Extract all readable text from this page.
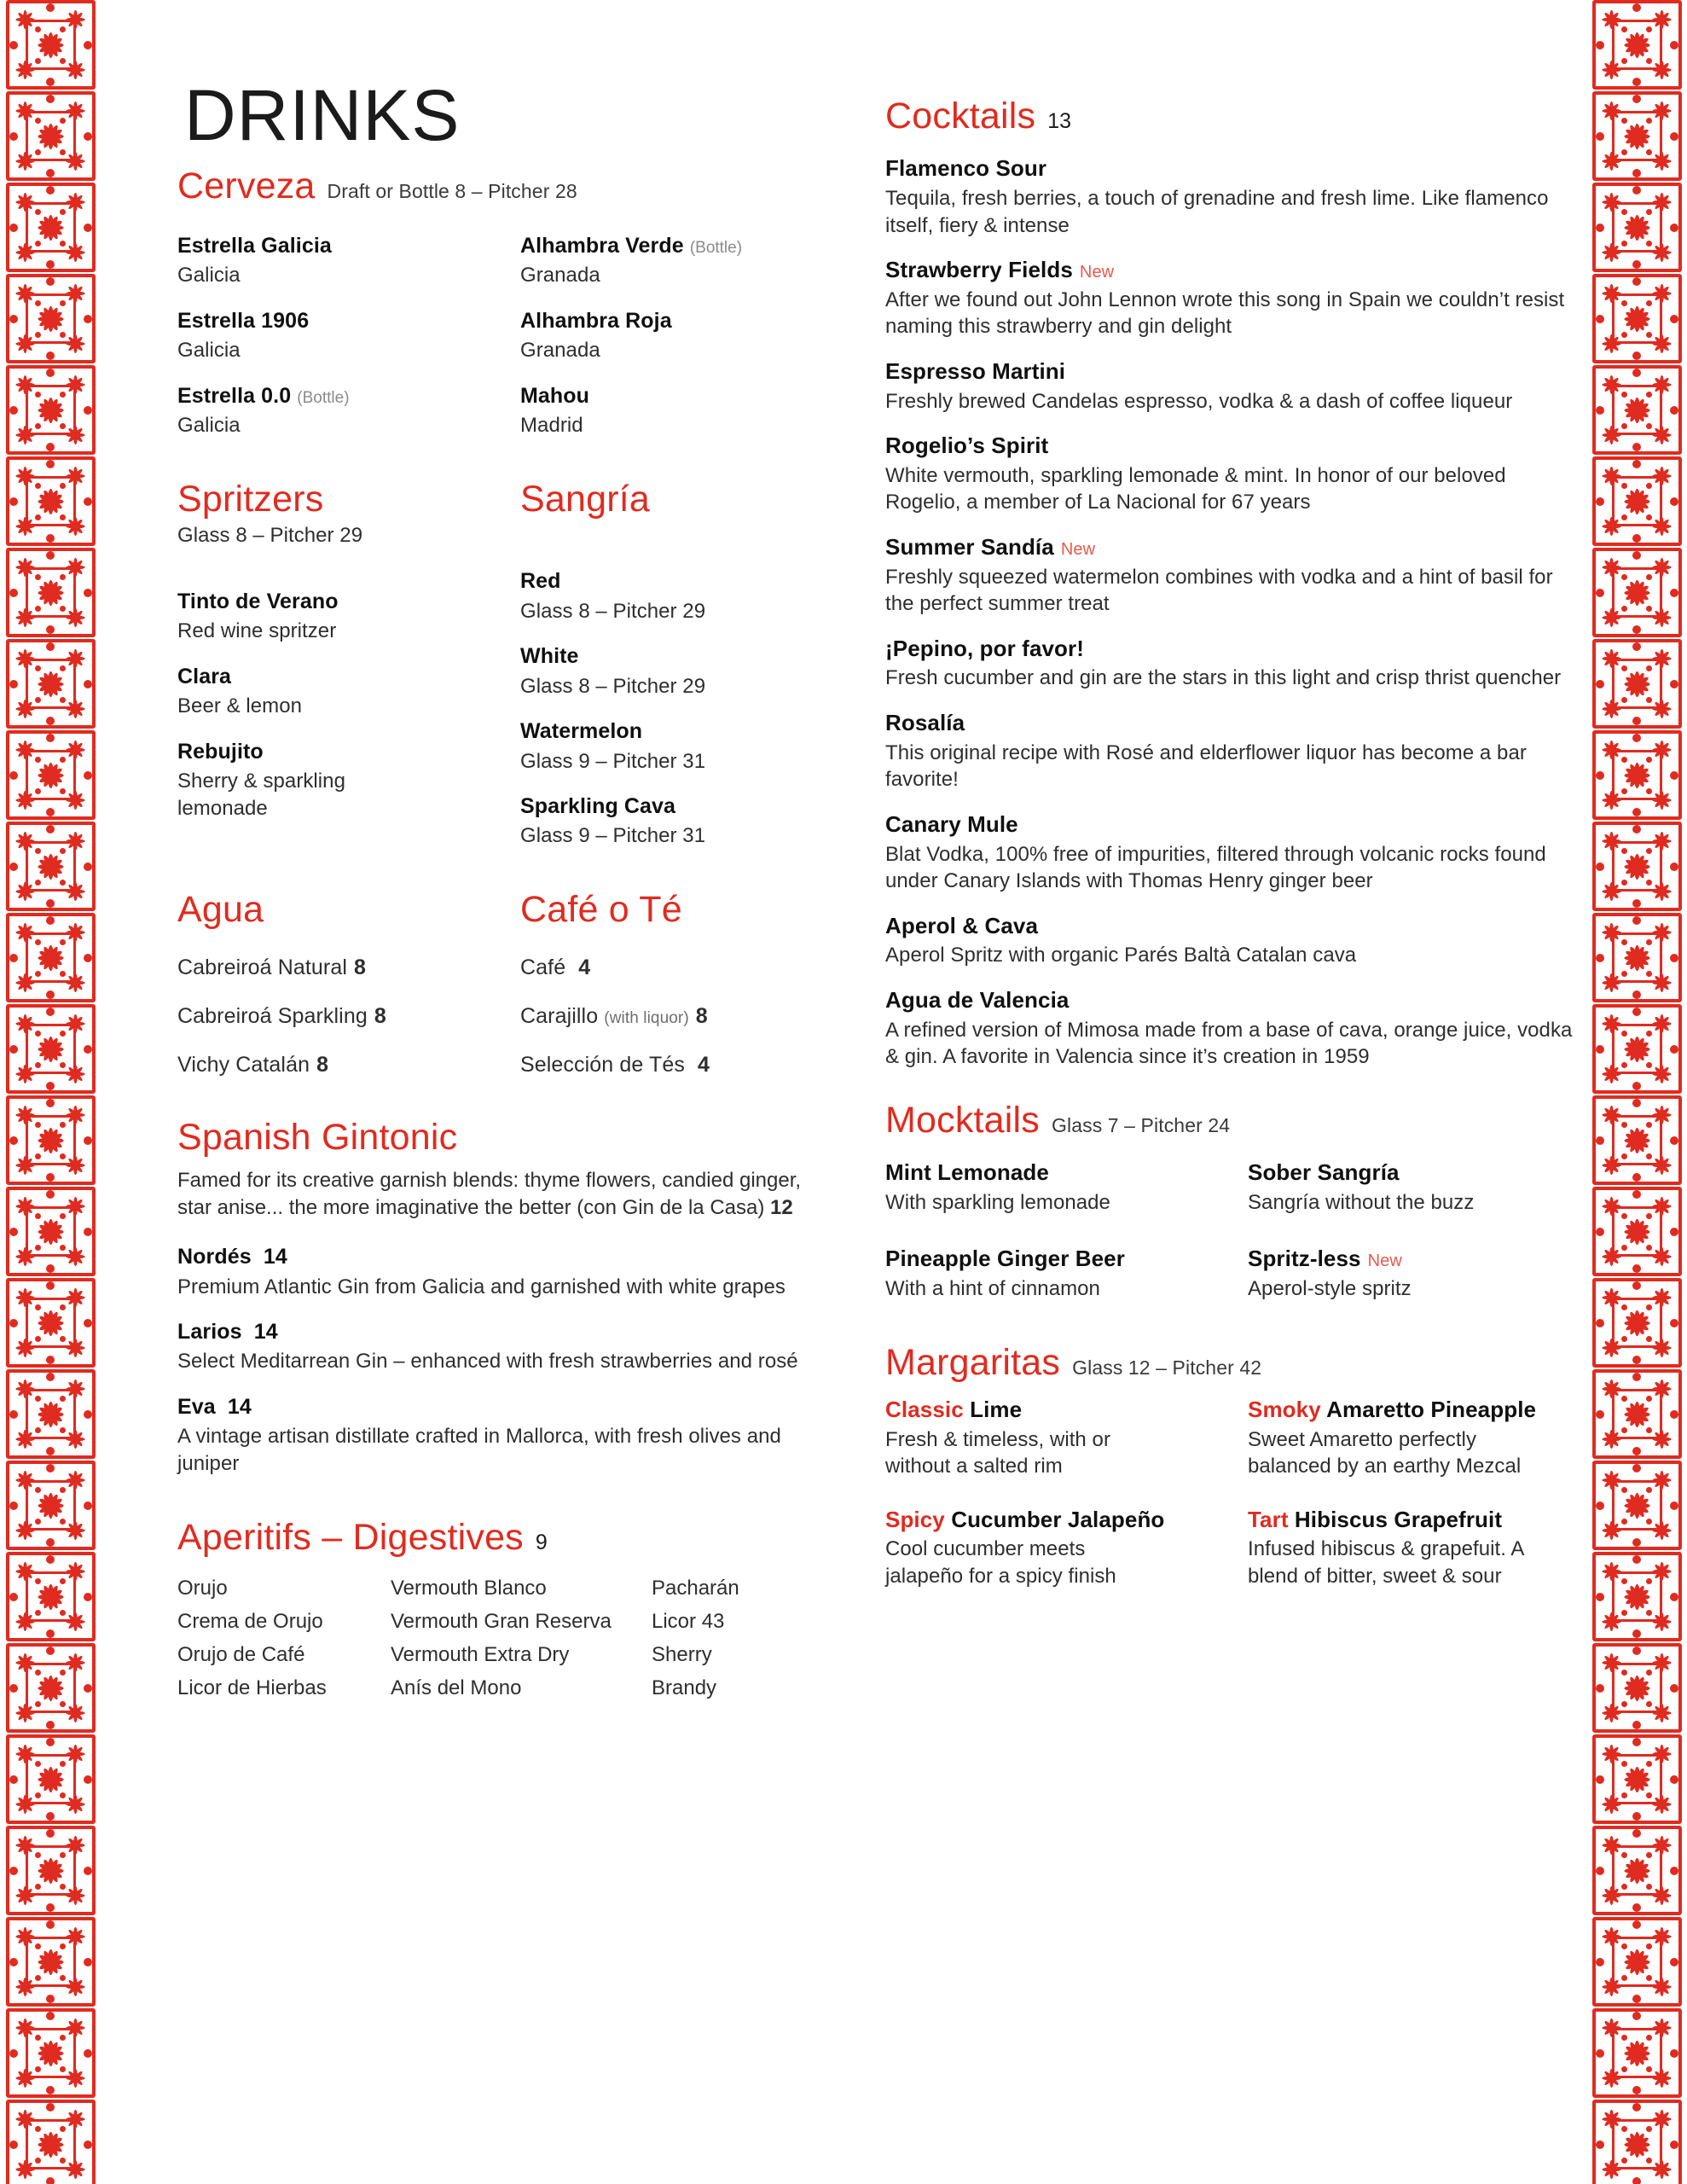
DRINKS
Cerveza Draft or Bottle 8 – Pitcher 28
Estrella Galicia
Galicia
Estrella 1906
Galicia
Estrella 0.0 (Bottle)
Galicia
Alhambra Verde (Bottle)
Granada
Alhambra Roja
Granada
Mahou
Madrid
Spritzers
Glass 8 – Pitcher 29
Tinto de Verano
Red wine spritzer
Clara
Beer & lemon
Rebujito
Sherry & sparkling lemonade
Sangría
Red
Glass 8 – Pitcher 29
White
Glass 8 – Pitcher 29
Watermelon
Glass 9 – Pitcher 31
Sparkling Cava
Glass 9 – Pitcher 31
Agua
Cabreiroá Natural 8
Cabreiroá Sparkling 8
Vichy Catalán 8
Café o Té
Café 4
Carajillo (with liquor) 8
Selección de Tés 4
Spanish Gintonic
Famed for its creative garnish blends: thyme flowers, candied ginger, star anise... the more imaginative the better (con Gin de la Casa) 12
Nordés 14
Premium Atlantic Gin from Galicia and garnished with white grapes
Larios 14
Select Meditarrean Gin – enhanced with fresh strawberries and rosé
Eva 14
A vintage artisan distillate crafted in Mallorca, with fresh olives and juniper
Aperitifs – Digestives 9
Orujo
Crema de Orujo
Orujo de Café
Licor de Hierbas
Vermouth Blanco
Vermouth Gran Reserva
Vermouth Extra Dry
Anís del Mono
Pacharán
Licor 43
Sherry
Brandy
Cocktails 13
Flamenco Sour
Tequila, fresh berries, a touch of grenadine and fresh lime. Like flamenco itself, fiery & intense
Strawberry Fields New
After we found out John Lennon wrote this song in Spain we couldn’t resist naming this strawberry and gin delight
Espresso Martini
Freshly brewed Candelas espresso, vodka & a dash of coffee liqueur
Rogelio’s Spirit
White vermouth, sparkling lemonade & mint. In honor of our beloved Rogelio, a member of La Nacional for 67 years
Summer Sandía New
Freshly squeezed watermelon combines with vodka and a hint of basil for the perfect summer treat
¡Pepino, por favor!
Fresh cucumber and gin are the stars in this light and crisp thrist quencher
Rosalía
This original recipe with Rosé and elderflower liquor has become a bar favorite!
Canary Mule
Blat Vodka, 100% free of impurities, filtered through volcanic rocks found under Canary Islands with Thomas Henry ginger beer
Aperol & Cava
Aperol Spritz with organic Parés Baltà Catalan cava
Agua de Valencia
A refined version of Mimosa made from a base of cava, orange juice, vodka & gin. A favorite in Valencia since it’s creation in 1959
Mocktails Glass 7 – Pitcher 24
Mint Lemonade
With sparkling lemonade
Sober Sangría
Sangría without the buzz
Pineapple Ginger Beer
With a hint of cinnamon
Spritz-less New
Aperol-style spritz
Margaritas Glass 12 – Pitcher 42
Classic Lime
Fresh & timeless, with or without a salted rim
Smoky Amaretto Pineapple
Sweet Amaretto perfectly balanced by an earthy Mezcal
Spicy Cucumber Jalapeño
Cool cucumber meets jalapeño for a spicy finish
Tart Hibiscus Grapefruit
Infused hibiscus & grapefuit. A blend of bitter, sweet & sour
